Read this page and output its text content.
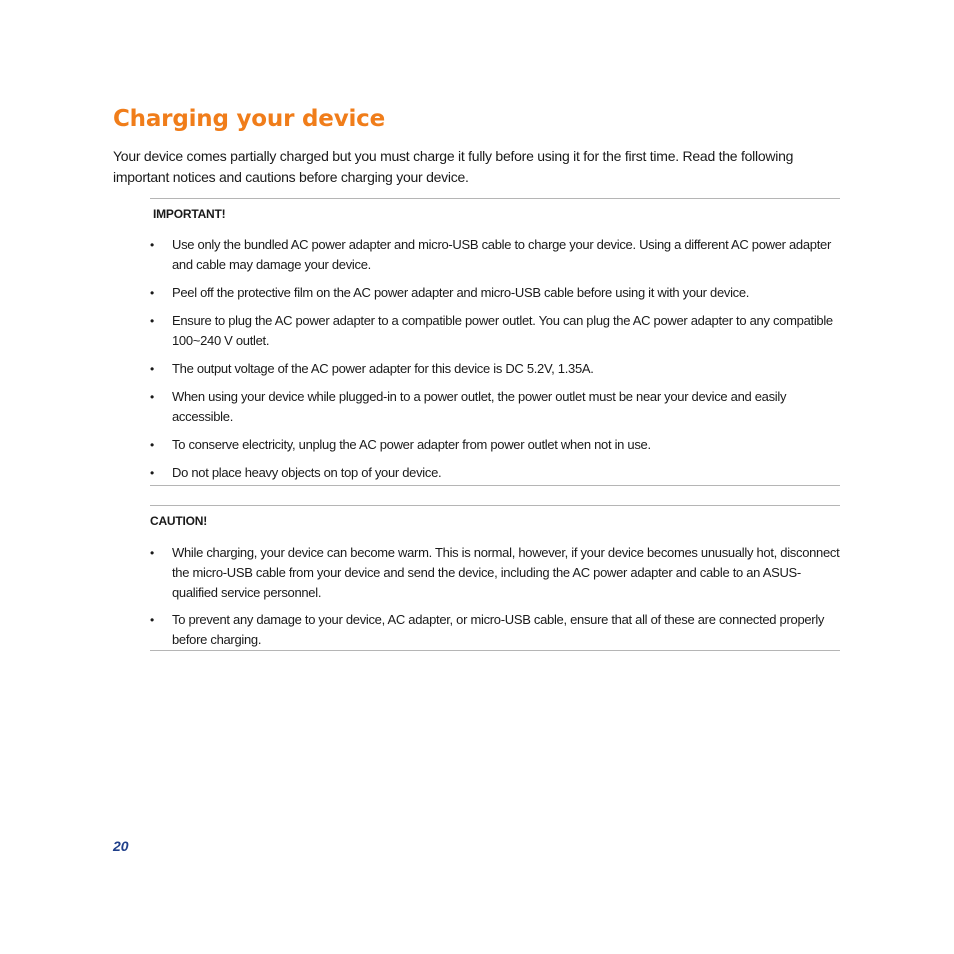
Charging your device

Your device comes partially charged but you must charge it fully before using it for the first time. Read the following important notices and cautions before charging your device.

IMPORTANT!

• Use only the bundled AC power adapter and micro-USB cable to charge your device. Using a different AC power adapter and cable may damage your device.
• Peel off the protective film on the AC power adapter and micro-USB cable before using it with your device.
• Ensure to plug the AC power adapter to a compatible power outlet. You can plug the AC power adapter to any compatible 100~240 V outlet.
• The output voltage of the AC power adapter for this device is DC 5.2V, 1.35A.
• When using your device while plugged-in to a power outlet, the power outlet must be near your device and easily accessible.
• To conserve electricity, unplug the AC power adapter from power outlet when not in use.
• Do not place heavy objects on top of your device.

CAUTION!

• While charging, your device can become warm. This is normal, however, if your device becomes unusually hot, disconnect the micro-USB cable from your device and send the device, including the AC power adapter and cable to an ASUS-qualified service personnel.
• To prevent any damage to your device, AC adapter, or micro-USB cable, ensure that all of these are connected properly before charging.

20
